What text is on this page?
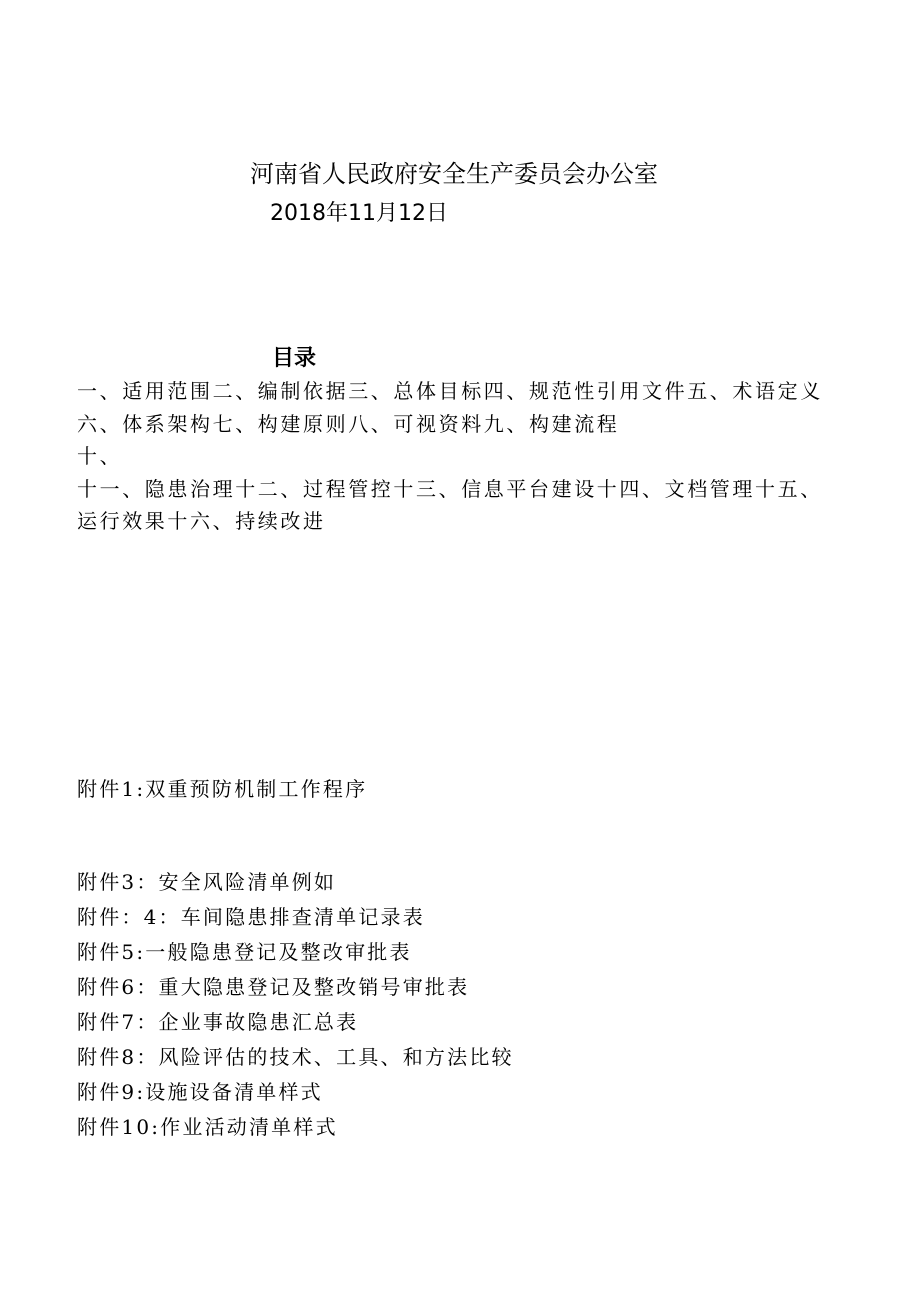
河南省人民政府安全生产委员会办公室
2018年11月12日
目录
一、适用范围二、编制依据三、总体目标四、规范性引用文件五、术语定义
六、体系架构七、构建原则八、可视资料九、构建流程
十、
十一、隐患治理十二、过程管控十三、信息平台建设十四、文档管理十五、
运行效果十六、持续改进
附件1:双重预防机制工作程序
附件3：安全风险清单例如
附件：4：车间隐患排查清单记录表
附件5:一般隐患登记及整改审批表
附件6：重大隐患登记及整改销号审批表
附件7：企业事故隐患汇总表
附件8：风险评估的技术、工具、和方法比较
附件9:设施设备清单样式
附件10:作业活动清单样式
